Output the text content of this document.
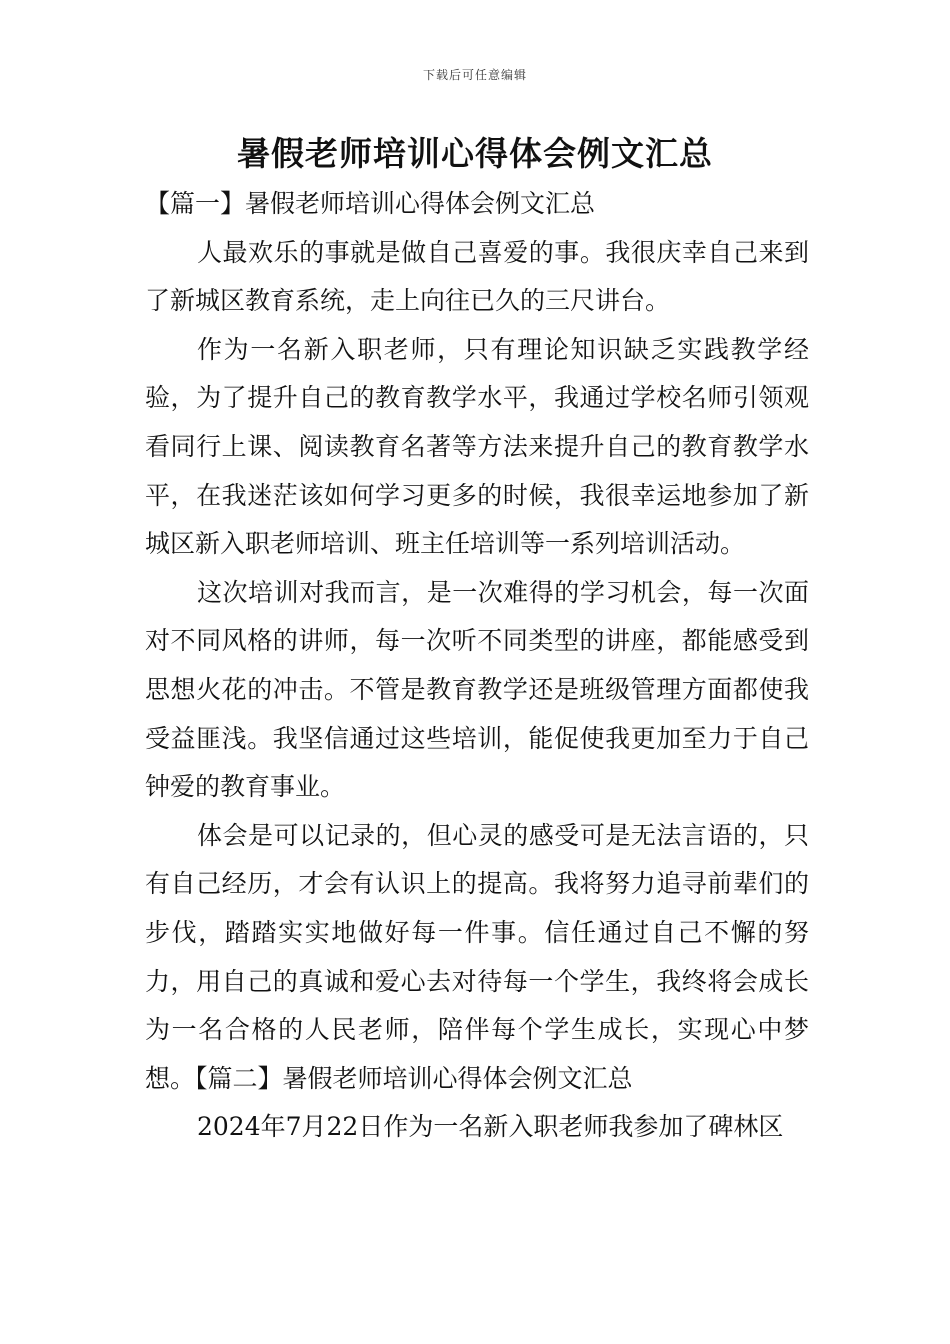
下载后可任意编辑
暑假老师培训心得体会例文汇总

【篇一】暑假老师培训心得体会例文汇总

人最欢乐的事就是做自己喜爱的事。我很庆幸自己来到了新城区教育系统，走上向往已久的三尺讲台。

作为一名新入职老师，只有理论知识缺乏实践教学经验，为了提升自己的教育教学水平，我通过学校名师引领观看同行上课、阅读教育名著等方法来提升自己的教育教学水平，在我迷茫该如何学习更多的时候，我很幸运地参加了新城区新入职老师培训、班主任培训等一系列培训活动。

这次培训对我而言，是一次难得的学习机会，每一次面对不同风格的讲师，每一次听不同类型的讲座，都能感受到思想火花的冲击。不管是教育教学还是班级管理方面都使我受益匪浅。我坚信通过这些培训，能促使我更加至力于自己钟爱的教育事业。

体会是可以记录的，但心灵的感受可是无法言语的，只有自己经历，才会有认识上的提高。我将努力追寻前辈们的步伐，踏踏实实地做好每一件事。信任通过自己不懈的努力，用自己的真诚和爱心去对待每一个学生，我终将会成长为一名合格的人民老师，陪伴每个学生成长，实现心中梦想。【篇二】暑假老师培训心得体会例文汇总

2024年7月22日作为一名新入职老师我参加了碑林区
